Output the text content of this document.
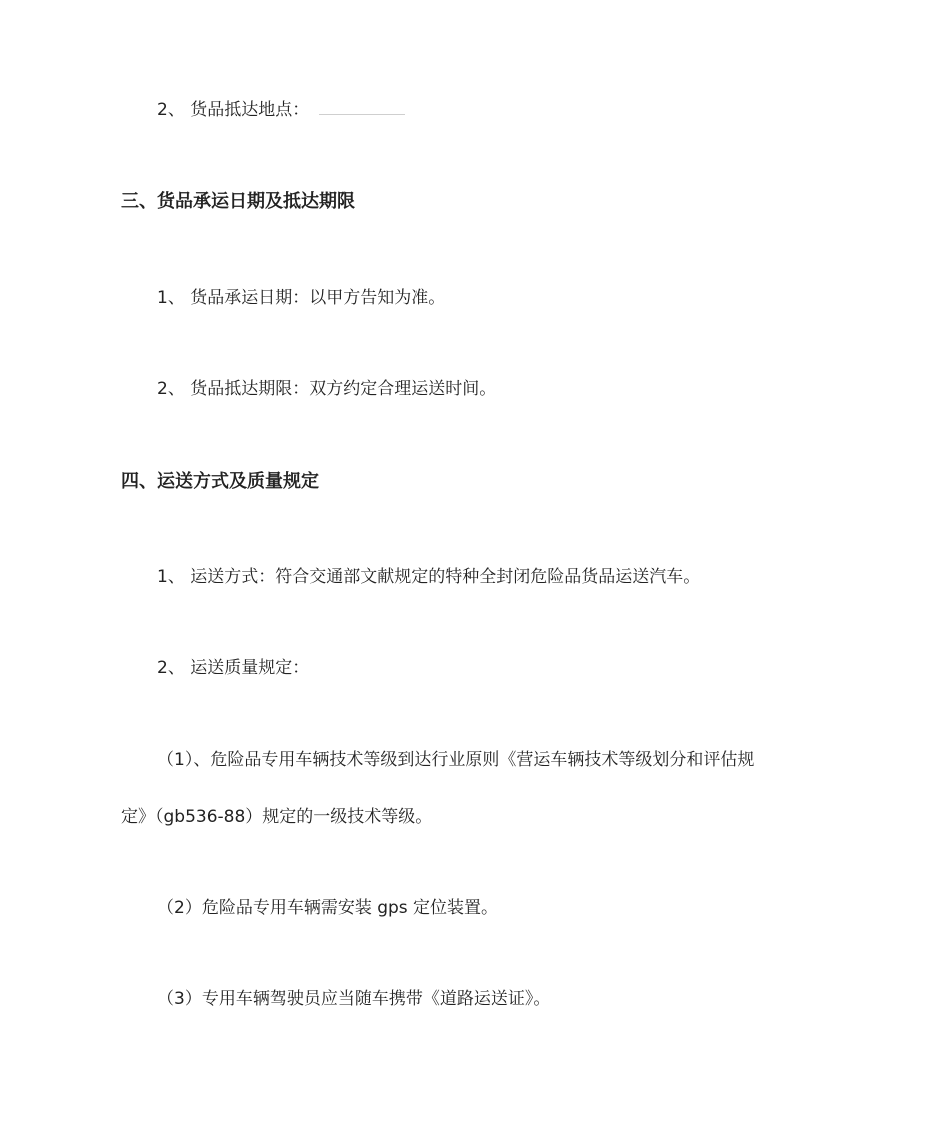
2、 货品抵达地点：
三、货品承运日期及抵达期限
1、 货品承运日期：以甲方告知为准。
2、 货品抵达期限：双方约定合理运送时间。
四、运送方式及质量规定
1、 运送方式：符合交通部文献规定的特种全封闭危险品货品运送汽车。
2、 运送质量规定：
（1）、危险品专用车辆技术等级到达行业原则《营运车辆技术等级划分和评估规
定》（gb536-88）规定的一级技术等级。
（2）危险品专用车辆需安装 gps 定位装置。
（3）专用车辆驾驶员应当随车携带《道路运送证》。
